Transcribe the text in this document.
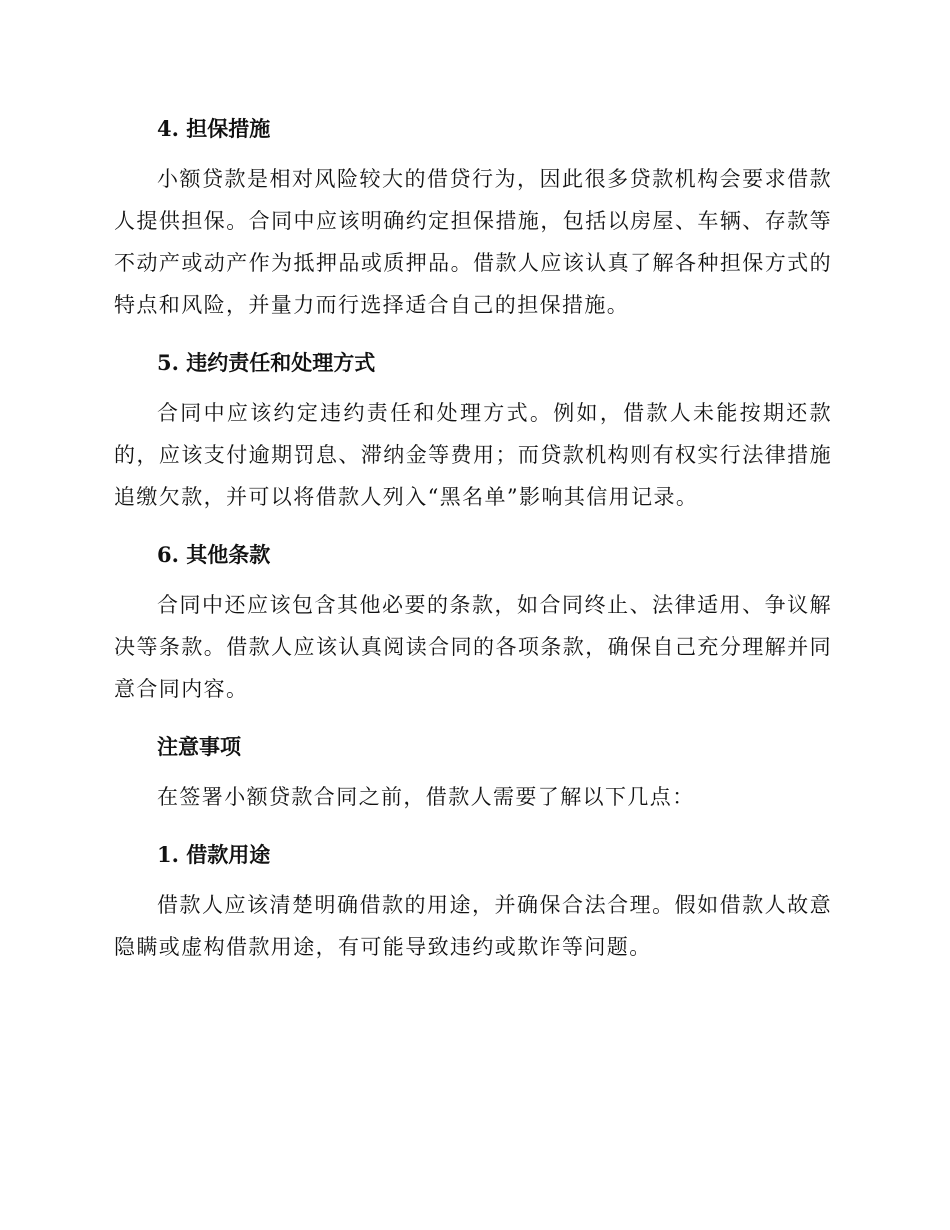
4. 担保措施

小额贷款是相对风险较大的借贷行为，因此很多贷款机构会要求借款人提供担保。合同中应该明确约定担保措施，包括以房屋、车辆、存款等不动产或动产作为抵押品或质押品。借款人应该认真了解各种担保方式的特点和风险，并量力而行选择适合自己的担保措施。

5. 违约责任和处理方式

合同中应该约定违约责任和处理方式。例如，借款人未能按期还款的，应该支付逾期罚息、滞纳金等费用；而贷款机构则有权实行法律措施追缴欠款，并可以将借款人列入“黑名单”影响其信用记录。

6. 其他条款

合同中还应该包含其他必要的条款，如合同终止、法律适用、争议解决等条款。借款人应该认真阅读合同的各项条款，确保自己充分理解并同意合同内容。

注意事项

在签署小额贷款合同之前，借款人需要了解以下几点：

1. 借款用途

借款人应该清楚明确借款的用途，并确保合法合理。假如借款人故意隐瞒或虚构借款用途，有可能导致违约或欺诈等问题。
